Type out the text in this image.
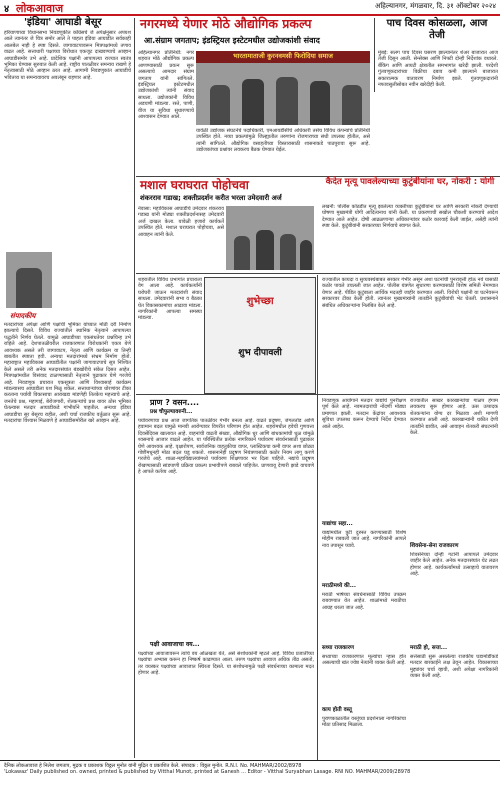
४ लोकआवाज	अहिल्यानगर, मंगळवार, दि. ३१ ऑक्टोबर २०२४
'इंडिया' आघाडी बेसूर
हरियाणाच्या विधानसभा निवडणुकीत काँग्रेसचे जे अपेक्षेनुसार अपयश आले त्यानंतर जे चित्र समोर आले ते पाहता इंडिया आघाडीत सर्वकाही आलबेल नाही हे स्पष्ट दिसते. जागावाटपावरून मित्रपक्षांमध्ये तणाव वाढत आहे. सत्ताधारी पक्षाच्या विरोधात एकजूट दाखवण्याचे आव्हान आघाडीसमोर उभे आहे. प्रादेशिक पक्षांनी आपापल्या राज्यात स्वतंत्र भूमिका घेण्यास सुरुवात केली आहे. राष्ट्रीय पातळीवर समन्वय राखणे हे नेतृत्वासाठी मोठे आव्हान ठरत आहे. आगामी निवडणुकांत आघाडीचे भवितव्य या समन्वयावरच अवलंबून राहणार आहे.
संपादकीय
मतदारांच्या अपेक्षा आणि पक्षांची भूमिका यांच्यात मोठी दरी निर्माण झाल्याचे दिसते. विविध राज्यांतील स्थानिक नेतृत्वाने आपापल्या पद्धतीने निर्णय घेतले. यामुळे आघाडीच्या एकसंधतेवर प्रश्नचिन्ह उभे राहिले आहे. देशपातळीवरील राजकारणात विरोधकांनी एकत्र येणे आवश्यक असले तरी जागावाटप, नेतृत्व आणि कार्यक्रम या तिन्ही बाबतीत स्पष्टता हवी. अन्यथा मतदारांमध्ये संभ्रम निर्माण होतो. महाराष्ट्रात महाविकास आघाडीतील पक्षांनी जागावाटपाचे सूत्र निश्चित केले असले तरी अनेक मतदारसंघांत बंडखोरीचे संकेत दिसत आहेत. मित्रपक्षांमधील विसंवाद टाळण्यासाठी नेतृत्वाने पुढाकार घेणे गरजेचे आहे. निवडणूक प्रचारात एकसूत्रता आणि विश्वासार्ह कार्यक्रम मांडल्यासच आघाडीला यश मिळू शकेल. सत्ताधाऱ्यांच्या धोरणांवर टीका करताना पर्यायी विकासाचा आराखडा मांडणेही तितकेच महत्त्वाचे आहे. जनतेचे प्रश्न, महागाई, बेरोजगारी, शेतकऱ्यांचे प्रश्न यावर ठोस भूमिका घेतल्यास मतदार आघाडीकडे गांभीर्याने पाहतील. अन्यथा इंडिया आघाडीचा सूर बेसूरच राहील, अशी चर्चा राजकीय वर्तुळात सुरू आहे. मतदारांचा विश्वास मिळवणे हे आघाडीसमोरील खरे आव्हान आहे.
नगरमध्ये येणार मोठे औद्योगिक प्रकल्प
आ.संग्राम जगताप; इंडस्ट्रियल इस्टेटमधील उद्योजकांशी संवाद
अहिल्यानगर प्रतिनिधी: नगर शहरात मोठे औद्योगिक प्रकल्प आणण्यासाठी प्रयत्न सुरू असल्याचे आमदार संग्राम जगताप यांनी सांगितले. इंडस्ट्रियल इस्टेटमधील उद्योजकांशी त्यांनी संवाद साधला. उद्योजकांनी विविध अडचणी मांडल्या. रस्ते, पाणी, वीज या सुविधा सुधारण्याचे आश्वासन देण्यात आले.
भारतामाताजी कुरनवमसी फिरोदिया समाज
यावेळी उद्योजक संघटनेचे पदाधिकारी, एमआयडीसीचे अधिकारी तसेच विविध कंपन्यांचे प्रतिनिधी उपस्थित होते. नव्या प्रकल्पांमुळे जिल्ह्यातील तरुणांना रोजगाराच्या संधी उपलब्ध होतील, असे त्यांनी सांगितले. औद्योगिक वसाहतीच्या विस्तारासाठी शासनाकडे पाठपुरावा सुरू आहे. उद्योजकांच्या प्रश्नांवर लवकरच बैठक घेण्यात येईल.
पाच दिवस कोसळला, आज तेजी
मुंबई: सलग पाच दिवस घसरण झाल्यानंतर शेअर बाजारात आज तेजी दिसून आली. सेन्सेक्स आणि निफ्टी दोन्ही निर्देशांक वधारले. बँकिंग आणि आयटी क्षेत्रातील समभागांत खरेदी झाली. परदेशी गुंतवणूकदारांच्या विक्रीचा दबाव कमी झाल्याने बाजारात सकारात्मक वातावरण निर्माण झाले. गुंतवणूकदारांनी नफावसुलीसोबत नवीन खरेदीही केली.
मशाल घराघरात पोहोचवा
शंकरराव गडाख; शक्तीप्रदर्शन करीत भरला उमेदवारी अर्ज
नेवासा: महाविकास आघाडीचे उमेदवार शंकरराव गडाख यांनी मोठ्या शक्तीप्रदर्शनासह उमेदवारी अर्ज दाखल केला. यावेळी हजारो कार्यकर्ते उपस्थित होते. मशाल घराघरात पोहोचवा, असे आवाहन त्यांनी केले.
कैदेत मृत्यू पावलेल्याच्या कुटुंबीयांना घर, नोकरी : योगी
लखनौ: पोलीस कोठडीत मृत्यू झालेल्या व्यक्तीच्या कुटुंबीयांना घर आणि सरकारी नोकरी देण्याची घोषणा मुख्यमंत्री योगी आदित्यनाथ यांनी केली. या प्रकरणाची सखोल चौकशी करण्याचे आदेश देण्यात आले आहेत. दोषी आढळणाऱ्या अधिकाऱ्यांवर कठोर कारवाई केली जाईल, असेही त्यांनी स्पष्ट केले. कुटुंबीयांनी सरकारच्या निर्णयाचे स्वागत केले.
शहरातील विविध प्रभागांत प्रचाराला वेग आला आहे. कार्यकर्त्यांनी घरोघरी जाऊन मतदारांशी संवाद साधला. उमेदवारांनी सभा व बैठका घेत विकासकामांचा आढावा मांडला. नागरिकांनी आपल्या समस्या मांडल्या.
शुभेच्छा
शुभ दीपावली
राज्यातील कायदा व सुव्यवस्थेबाबत सरकार गंभीर असून अशा घटनांची पुनरावृत्ती होऊ नये यासाठी कठोर पावले उचलली जात आहेत. पोलीस यंत्रणेत सुधारणा करण्यासाठी विशेष समिती नेमण्यात येणार आहे. पीडित कुटुंबाला आर्थिक मदतही जाहीर करण्यात आली. विरोधी पक्षांनी या घटनेवरून सरकारवर टीका केली होती. त्यानंतर मुख्यमंत्र्यांनी तातडीने कुटुंबीयांची भेट घेतली. प्रशासनाने संबंधित अधिकाऱ्यांना निलंबित केले आहे.
प्राण ? वसन....
प्रश्न चौफुल्यावरुनी...
पर्यावरणाचा प्रश्न आज जागतिक पातळीवर गंभीर बनला आहे. वाढते प्रदूषण, जंगलतोड आणि हवामान बदल यामुळे मानवी आरोग्यावर विपरीत परिणाम होत आहेत. शहरांमधील हवेची गुणवत्ता दिवसेंदिवस खालावत आहे. वाहनांची वाढती संख्या, औद्योगिक धूर आणि बांधकामांची धूळ यांमुळे श्वसनाचे आजार वाढले आहेत. या परिस्थितीत प्रत्येक नागरिकाने पर्यावरण संवर्धनासाठी पुढाकार घेणे आवश्यक आहे. वृक्षारोपण, सार्वजनिक वाहतुकीचा वापर, प्लास्टिकचा कमी वापर अशा छोट्या गोष्टींमधूनही मोठा बदल घडू शकतो. शासनानेही प्रदूषण नियंत्रणासाठी कठोर नियम लागू करणे गरजेचे आहे. शाळा-महाविद्यालयांमध्ये पर्यावरण शिक्षणावर भर दिला पाहिजे. नद्यांचे प्रदूषण रोखण्यासाठी सांडपाणी प्रक्रिया प्रकल्प प्रभावीपणे राबवले पाहिजेत. प्राणवायू देणारी झाडे वाचवणे हे आपले कर्तव्य आहे.
पक्षी आवाजाचा वय...
पक्ष्यांच्या आवाजावरून त्यांचे वय ओळखता येते, असे संशोधकांनी म्हटले आहे. विविध प्रजातींच्या पक्ष्यांचा अभ्यास करून हा निष्कर्ष काढण्यात आला. तरुण पक्ष्यांचा आवाज अधिक तीव्र असतो, तर वयस्कर पक्ष्यांच्या आवाजात स्थिरता दिसते. या संशोधनामुळे पक्षी संवर्धनाच्या कामाला मदत होणार आहे.
निवडणूक आयोगाने मतदार याद्यांचे पुनरीक्षण पूर्ण केले आहे. नवमतदारांची नोंदणी मोठ्या प्रमाणात झाली. मतदान केंद्रांवर आवश्यक सुविधा उपलब्ध करून देण्याचे निर्देश देण्यात आले आहेत.
याद्यांचा सहा...
याद्यांमधील त्रुटी दुरुस्त करण्यासाठी विशेष मोहीम राबवली जात आहे. नागरिकांनी आपले नाव तपासून घ्यावे.
मराठीमध्ये की...
मराठी भाषेच्या संवर्धनासाठी विविध उपक्रम राबवण्यात येत आहेत. शाळांमध्ये मराठीचा आग्रह धरला जात आहे.
सध्या राजकारण
सध्याच्या राजकारणात मूल्यांचा ऱ्हास होत असल्याची खंत ज्येष्ठ नेत्यांनी व्यक्त केली आहे.
काय होती वस्तू
पुराणकाळातील वस्तूंच्या प्रदर्शनाला नागरिकांचा मोठा प्रतिसाद मिळाला.
राज्यातील साखर कारखान्यांचा गाळप हंगाम लवकरच सुरू होणार आहे. ऊस उत्पादक शेतकऱ्यांना योग्य दर मिळावा अशी मागणी करण्यात आली आहे. कारखान्यांनी थकीत देणी तातडीने द्यावीत, असे आवाहन शेतकरी संघटनांनी केले.
शिवसेना-सेना राजकारण
शिवसेनेच्या दोन्ही गटांनी आपापले उमेदवार जाहीर केले आहेत. अनेक मतदारसंघांत थेट लढत होणार आहे. कार्यकर्त्यांमध्ये उत्साहाचे वातावरण आहे.
मराठी हो, सत्ता...
सत्तेसाठी सुरू असलेल्या राजकीय घडामोडींकडे मतदार बारकाईने लक्ष ठेवून आहेत. विकासाच्या मुद्द्यांवर चर्चा व्हावी, अशी अपेक्षा नागरिकांनी व्यक्त केली आहे.
दैनिक लोकआवाज हे निलेश जगताप, मुद्रक व प्रकाशक विठ्ठल मुनोत यांनी मुद्रित व प्रकाशित केले. संपादक : विठ्ठल मुनोत. R.N.I. No. MAHMAR/2002/8978
'Lokawaz' Daily published on. owned, printed & published by Vitthal Munot, printed at Ganesh ... Editor - Vitthal Suryabhan Lasage. RNI NO. MAHMAR/2009/28978
